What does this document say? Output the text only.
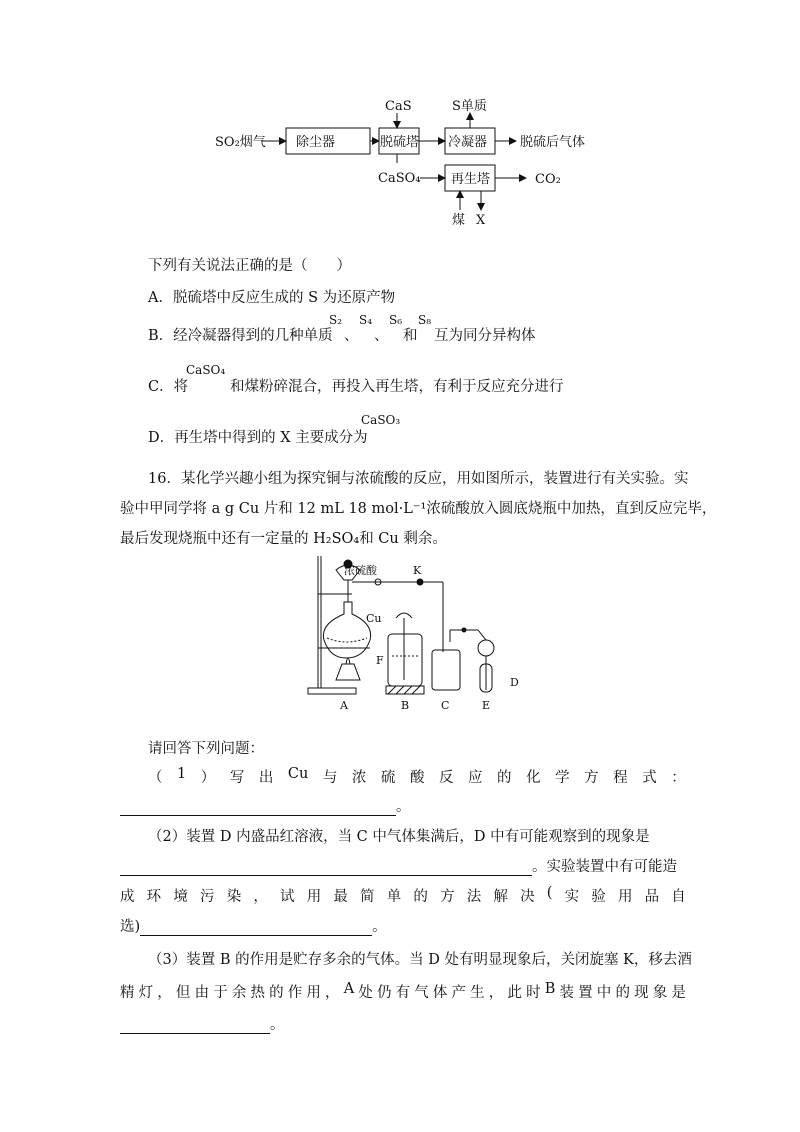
SO₂烟气 除尘器	脱硫塔 冷凝器	脱硫后气体
CaS	S单质
CaSO₄ 再生塔	CO₂
煤 X
下列有关说法正确的是（　　）
A．脱硫塔中反应生成的 S 为还原产物
B．经冷凝器得到的几种单质
S₂
、
S₄
、
S₆
和
S₈
互为同分异构体
C．将
CaSO₄
和煤粉碎混合，再投入再生塔，有利于反应充分进行
D．再生塔中得到的 X 主要成分为
CaSO₃
16．某化学兴趣小组为探究铜与浓硫酸的反应，用如图所示，装置进行有关实验。实
验中甲同学将 a g Cu 片和 12 mL 18 mol·L⁻¹浓硫酸放入圆底烧瓶中加热，直到反应完毕，
最后发现烧瓶中还有一定量的 H₂SO₄和 Cu 剩余。
浓硫酸	K
Cu
F
D
A	B	C	E
请回答下列问题：
（ 1 ） 写 出 Cu 与 浓 硫 酸 反 应 的 化 学 方 程 式 ：
。
（2）装置 D 内盛品红溶液，当 C 中气体集满后，D 中有可能观察到的现象是
。实验装置中有可能造
成 环 境 污 染 ， 试 用 最 简 单 的 方 法 解 决 ( 实 验 用 品 自
选)	。
（3）装置 B 的作用是贮存多余的气体。当 D 处有明显现象后，关闭旋塞 K，移去酒
精 灯 ， 但 由 于 余 热 的 作 用 ， A 处 仍 有 气 体 产 生 ， 此 时 B 装 置 中 的 现 象 是
。
